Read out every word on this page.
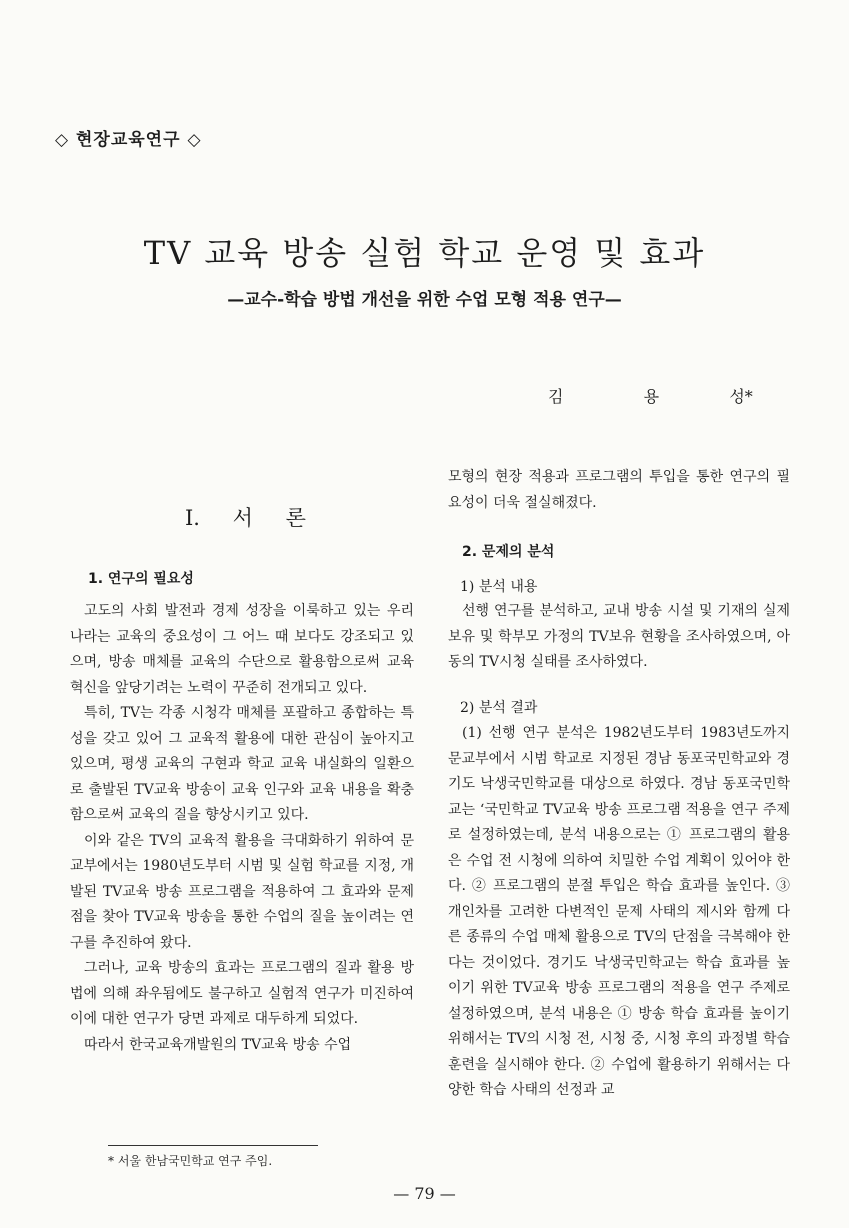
◇ 현장교육연구 ◇
TV 교육 방송 실험 학교 운영 및 효과
—교수-학습 방법 개선을 위한 수업 모형 적용 연구—
김	용	성*
Ⅰ. 서 론
1. 연구의 필요성

고도의 사회 발전과 경제 성장을 이룩하고 있는 우리 나라는 교육의 중요성이 그 어느 때 보다도 강조되고 있으며, 방송 매체를 교육의 수단으로 활용함으로써 교육 혁신을 앞당기려는 노력이 꾸준히 전개되고 있다.

특히, TV는 각종 시청각 매체를 포괄하고 종합하는 특성을 갖고 있어 그 교육적 활용에 대한 관심이 높아지고 있으며, 평생 교육의 구현과 학교 교육 내실화의 일환으로 출발된 TV교육 방송이 교육 인구와 교육 내용을 확충함으로써 교육의 질을 향상시키고 있다.

이와 같은 TV의 교육적 활용을 극대화하기 위하여 문교부에서는 1980년도부터 시범 및 실험 학교를 지정, 개발된 TV교육 방송 프로그램을 적용하여 그 효과와 문제점을 찾아 TV교육 방송을 통한 수업의 질을 높이려는 연구를 추진하여 왔다.

그러나, 교육 방송의 효과는 프로그램의 질과 활용 방법에 의해 좌우됨에도 불구하고 실험적 연구가 미진하여 이에 대한 연구가 당면 과제로 대두하게 되었다.

따라서 한국교육개발원의 TV교육 방송 수업

모형의 현장 적용과 프로그램의 투입을 통한 연구의 필요성이 더욱 절실해졌다.

2. 문제의 분석
1) 분석 내용

선행 연구를 분석하고, 교내 방송 시설 및 기재의 실제 보유 및 학부모 가정의 TV보유 현황을 조사하였으며, 아동의 TV시청 실태를 조사하였다.

2) 분석 결과

(1) 선행 연구 분석은 1982년도부터 1983년도까지 문교부에서 시범 학교로 지정된 경남 동포국민학교와 경기도 낙생국민학교를 대상으로 하였다. 경남 동포국민학교는 ‘국민학교 TV교육 방송 프로그램 적용을 연구 주제로 설정하였는데, 분석 내용으로는 ① 프로그램의 활용은 수업 전 시청에 의하여 치밀한 수업 계획이 있어야 한다. ② 프로그램의 분절 투입은 학습 효과를 높인다. ③ 개인차를 고려한 다변적인 문제 사태의 제시와 함께 다른 종류의 수업 매체 활용으로 TV의 단점을 극복해야 한다는 것이었다. 경기도 낙생국민학교는 학습 효과를 높이기 위한 TV교육 방송 프로그램의 적용을 연구 주제로 설정하였으며, 분석 내용은 ① 방송 학습 효과를 높이기 위해서는 TV의 시청 전, 시청 중, 시청 후의 과정별 학습 훈련을 실시해야 한다. ② 수업에 활용하기 위해서는 다양한 학습 사태의 선정과 교

* 서울 한남국민학교 연구 주임.
— 79 —
